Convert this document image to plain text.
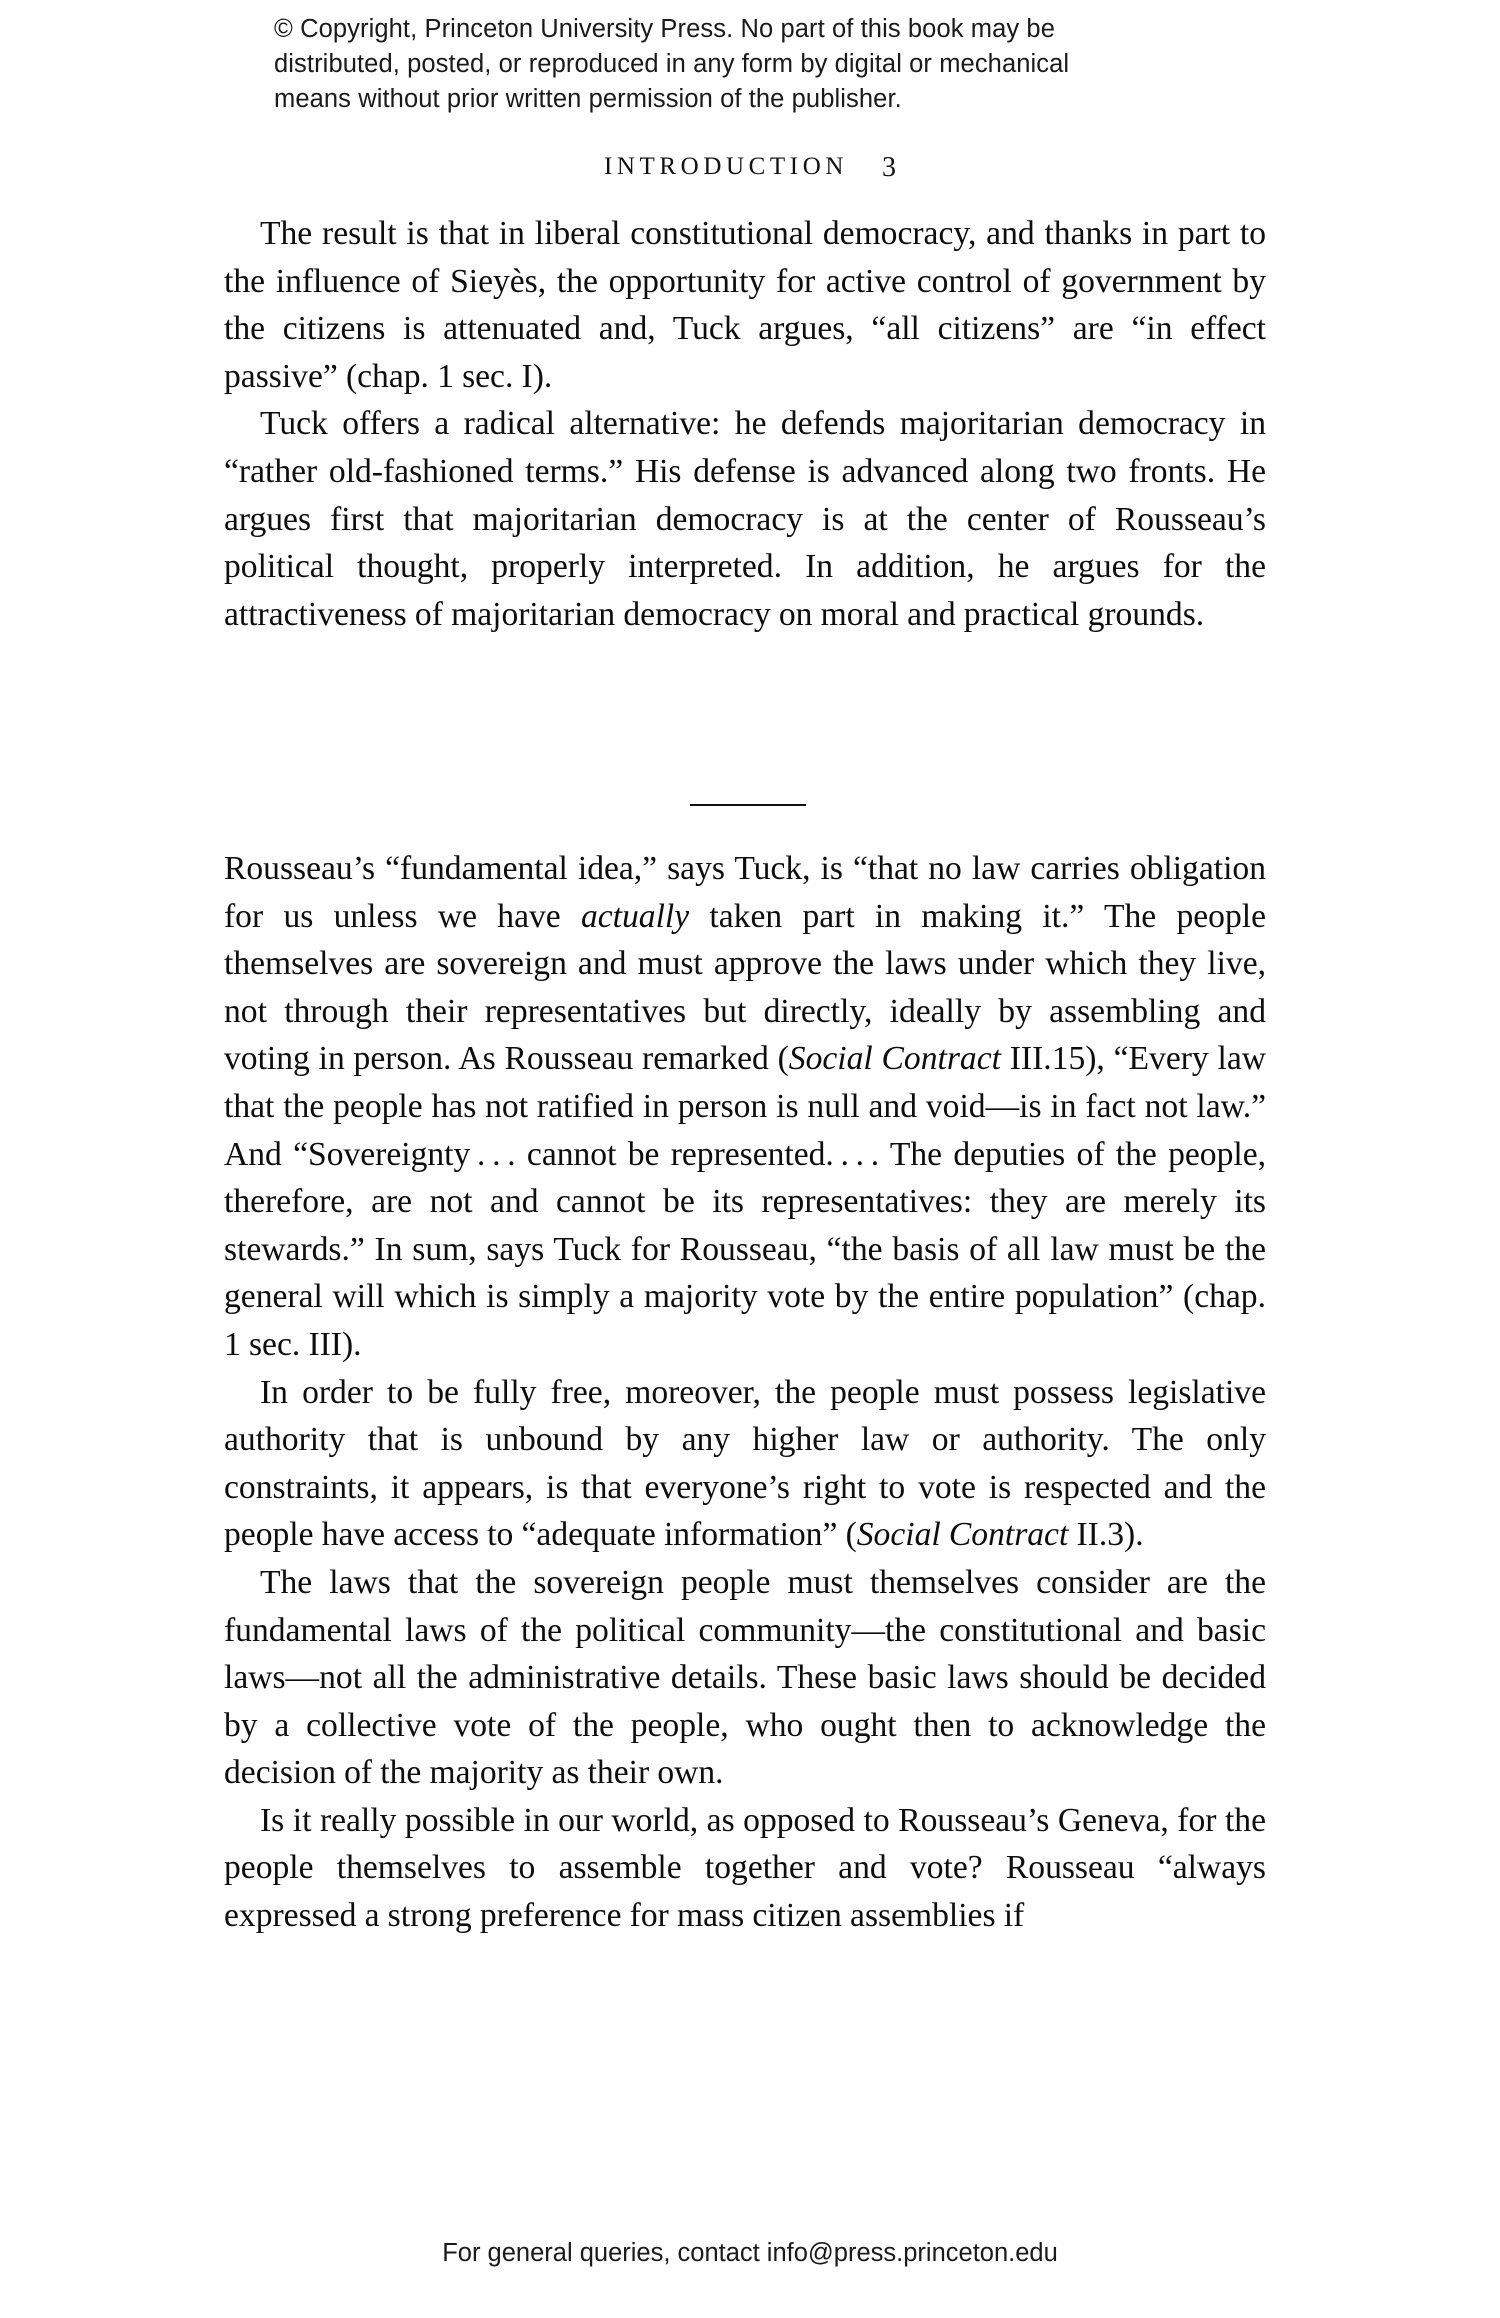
© Copyright, Princeton University Press. No part of this book may be
distributed, posted, or reproduced in any form by digital or mechanical
means without prior written permission of the publisher.
INTRODUCTION 3

The result is that in liberal constitutional democracy, and thanks in part to the influence of Sieyès, the opportunity for active control of government by the citizens is attenuated and, Tuck argues, “all citizens” are “in effect passive” (chap. 1 sec. I).

Tuck offers a radical alternative: he defends majoritarian democracy in “rather old-fashioned terms.” His defense is advanced along two fronts. He argues first that majoritarian democracy is at the center of Rousseau’s political thought, properly interpreted. In addition, he argues for the attractiveness of majoritarian democracy on moral and practical grounds.

Rousseau’s “fundamental idea,” says Tuck, is “that no law carries obligation for us unless we have actually taken part in making it.” The people themselves are sovereign and must approve the laws under which they live, not through their representatives but directly, ideally by assembling and voting in person. As Rousseau remarked (Social Contract III.15), “Every law that the people has not ratified in person is null and void—is in fact not law.” And “Sovereignty . . . cannot be represented. . . . The deputies of the people, therefore, are not and cannot be its representatives: they are merely its stewards.” In sum, says Tuck for Rousseau, “the basis of all law must be the general will which is simply a majority vote by the entire population” (chap. 1 sec. III).

In order to be fully free, moreover, the people must possess legislative authority that is unbound by any higher law or authority. The only constraints, it appears, is that everyone’s right to vote is respected and the people have access to “adequate information” (Social Contract II.3).

The laws that the sovereign people must themselves consider are the fundamental laws of the political community—the constitutional and basic laws—not all the administrative details. These basic laws should be decided by a collective vote of the people, who ought then to acknowledge the decision of the majority as their own.

Is it really possible in our world, as opposed to Rousseau’s Geneva, for the people themselves to assemble together and vote? Rousseau “always expressed a strong preference for mass citizen assemblies if

For general queries, contact info@press.princeton.edu
